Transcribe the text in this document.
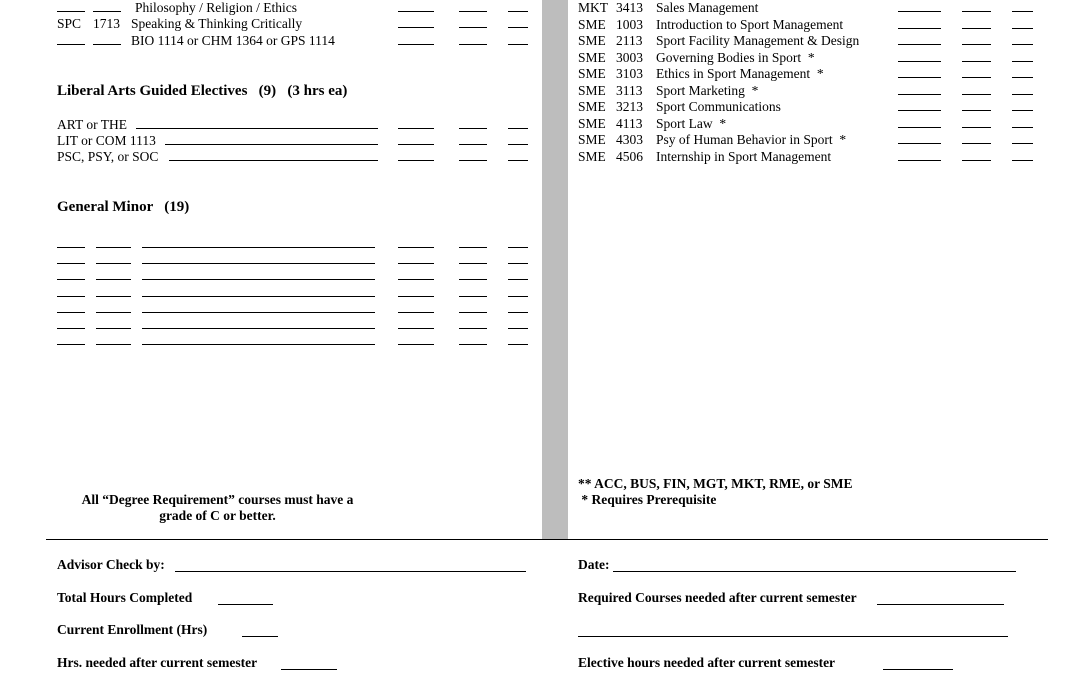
Philosophy / Religion / Ethics
SPC 1713 Speaking & Thinking Critically
BIO 1114 or CHM 1364 or GPS 1114
Liberal Arts Guided Electives   (9)   (3 hrs ea)
ART or THE
LIT or COM 1113
PSC, PSY, or SOC
General Minor   (19)
All “Degree Requirement” courses must have a
grade of C or better.
MKT 3413 Sales Management
SME 1003 Introduction to Sport Management
SME 2113 Sport Facility Management & Design
SME 3003 Governing Bodies in Sport  *
SME 3103 Ethics in Sport Management  *
SME 3113 Sport Marketing  *
SME 3213 Sport Communications
SME 4113 Sport Law  *
SME 4303 Psy of Human Behavior in Sport  *
SME 4506 Internship in Sport Management
** ACC, BUS, FIN, MGT, MKT, RME, or SME
* Requires Prerequisite
Advisor Check by:	Date:
Total Hours Completed	Required Courses needed after current semester
Current Enrollment (Hrs)
Hrs. needed after current semester	Elective hours needed after current semester
